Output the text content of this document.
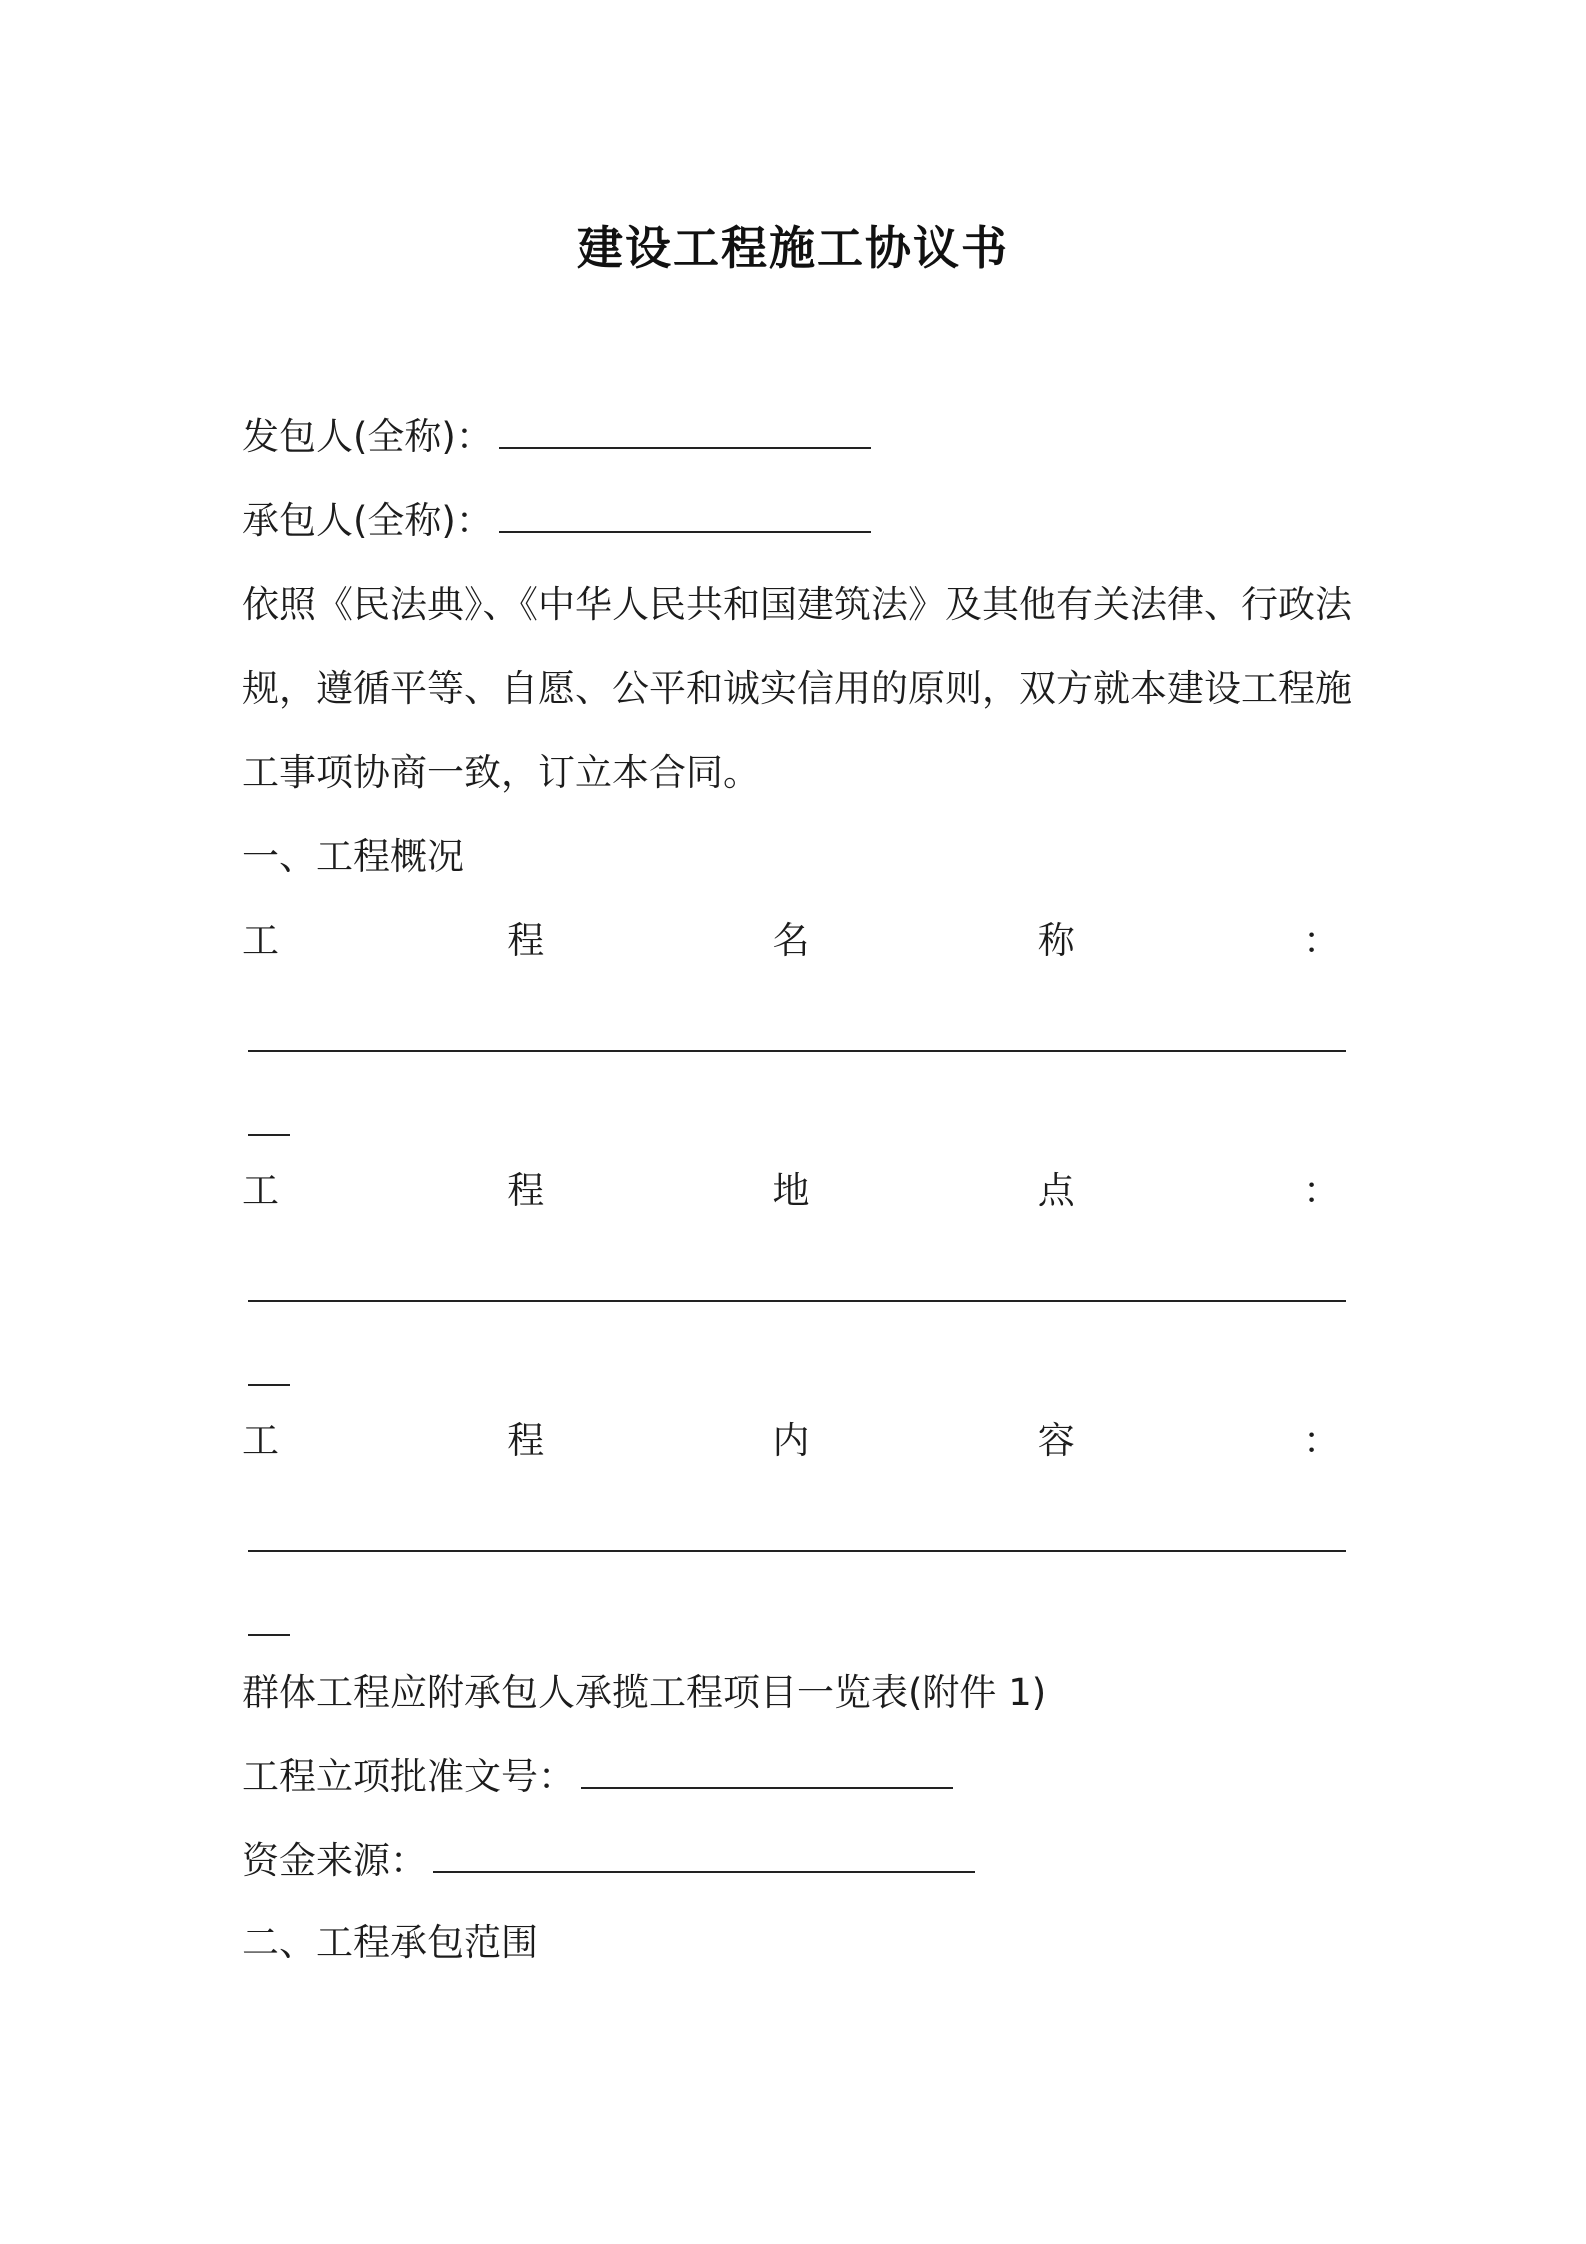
建设工程施工协议书
发包人(全称)：
承包人(全称)：
依照《民法典》、《中华人民共和国建筑法》及其他有关法律、行政法
规，遵循平等、自愿、公平和诚实信用的原则，双方就本建设工程施
工事项协商一致，订立本合同。
一、工程概况
工	程	名	称	：
工	程	地	点	：
工	程	内	容	：
群体工程应附承包人承揽工程项目一览表(附件 1)
工程立项批准文号：
资金来源：
二、工程承包范围
